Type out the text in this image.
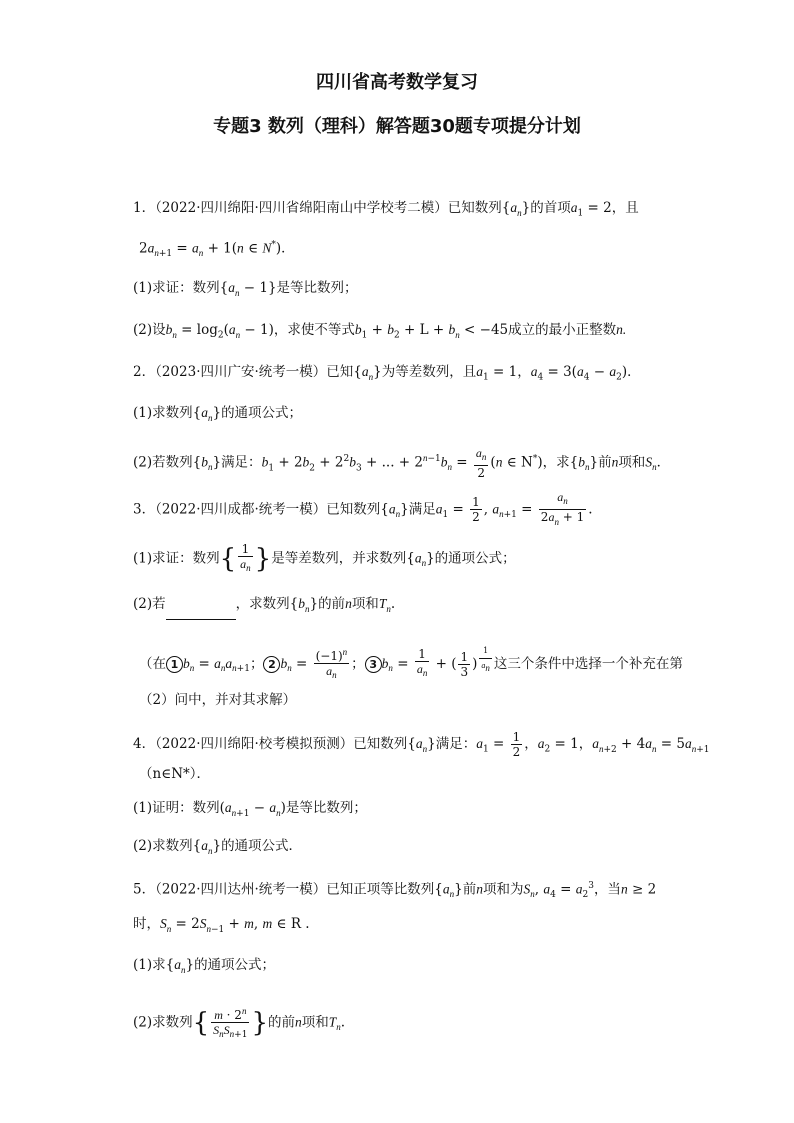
四川省高考数学复习
专题3 数列（理科）解答题30题专项提分计划
1．（2022·四川绵阳·四川省绵阳南山中学校考二模）已知数列$\{a_n\}$的首项$a_1 = 2$，且
$2a_{n+1} = a_n + 1(n$ ∈ N*)．
(1)求证：数列$\{a_n - 1\}$是等比数列；
(2)设$b_n = \log_2(a_n - 1)$，求使不等式$b_1 + b_2 + L + b_n < -45$成立的最小正整数n.
2．（2023·四川广安·统考一模）已知$\{a_n\}$为等差数列，且$a_1 = 1$，$a_4 = 3(a_4 - a_2)$．
(1)求数列$\{a_n\}$的通项公式；
(2)若数列$\{b_n\}$满足：$b_1 + 2b_2 + 2^2b_3$ + ... + $2^{n-1}b_n = \frac{a_n}{2} (n$ ∈ N*)，求$\{b_n\}$前n项和$S_n$．
3．（2022·四川成都·统考一模）已知数列$\{a_n\}$满足$a_1 = \frac{1}{2}$ , $a_{n+1} = \frac{a_n}{2a_n + 1}$ .
(1)求证：数列{ $\frac{1}{a_n}$ }是等差数列，并求数列$\{a_n\}$的通项公式；
(2)若	，求数列$\{b_n\}$的前n项和$T_n$.
（在 1 $b_n = a_na_{n+1}$； 2 $b_n = \frac{(-1)^n}{a_n}$ ； 3 $b_n = \frac{1}{a_n}$ + ( $\frac{1}{3}$ ) $^{\frac{1}{a_n}}$ 这三个条件中选择一个补充在第
（2）问中，并对其求解）
4．（2022·四川绵阳·校考模拟预测）已知数列$\{a_n\}$满足：$a_1 = \frac{1}{2}$ ，$a_2 = 1$，$a_{n+2} + 4a_n = 5a_{n+1}$
（n∈N*）．
(1)证明：数列$(a_{n+1} - a_n)$是等比数列；
(2)求数列$\{a_n\}$的通项公式．
5．（2022·四川达州·统考一模）已知正项等比数列$\{a_n\}$前n项和为$S_n$, $a_4 = a_2^3$，当n ≥ 2
时，$S_n = 2S_{n-1} + m$, m ∈ R .
(1)求$\{a_n\}$的通项公式；
(2)求数列{ $\frac{m \cdot 2^n}{S_nS_{n+1}}$ }的前n项和$T_n$.
